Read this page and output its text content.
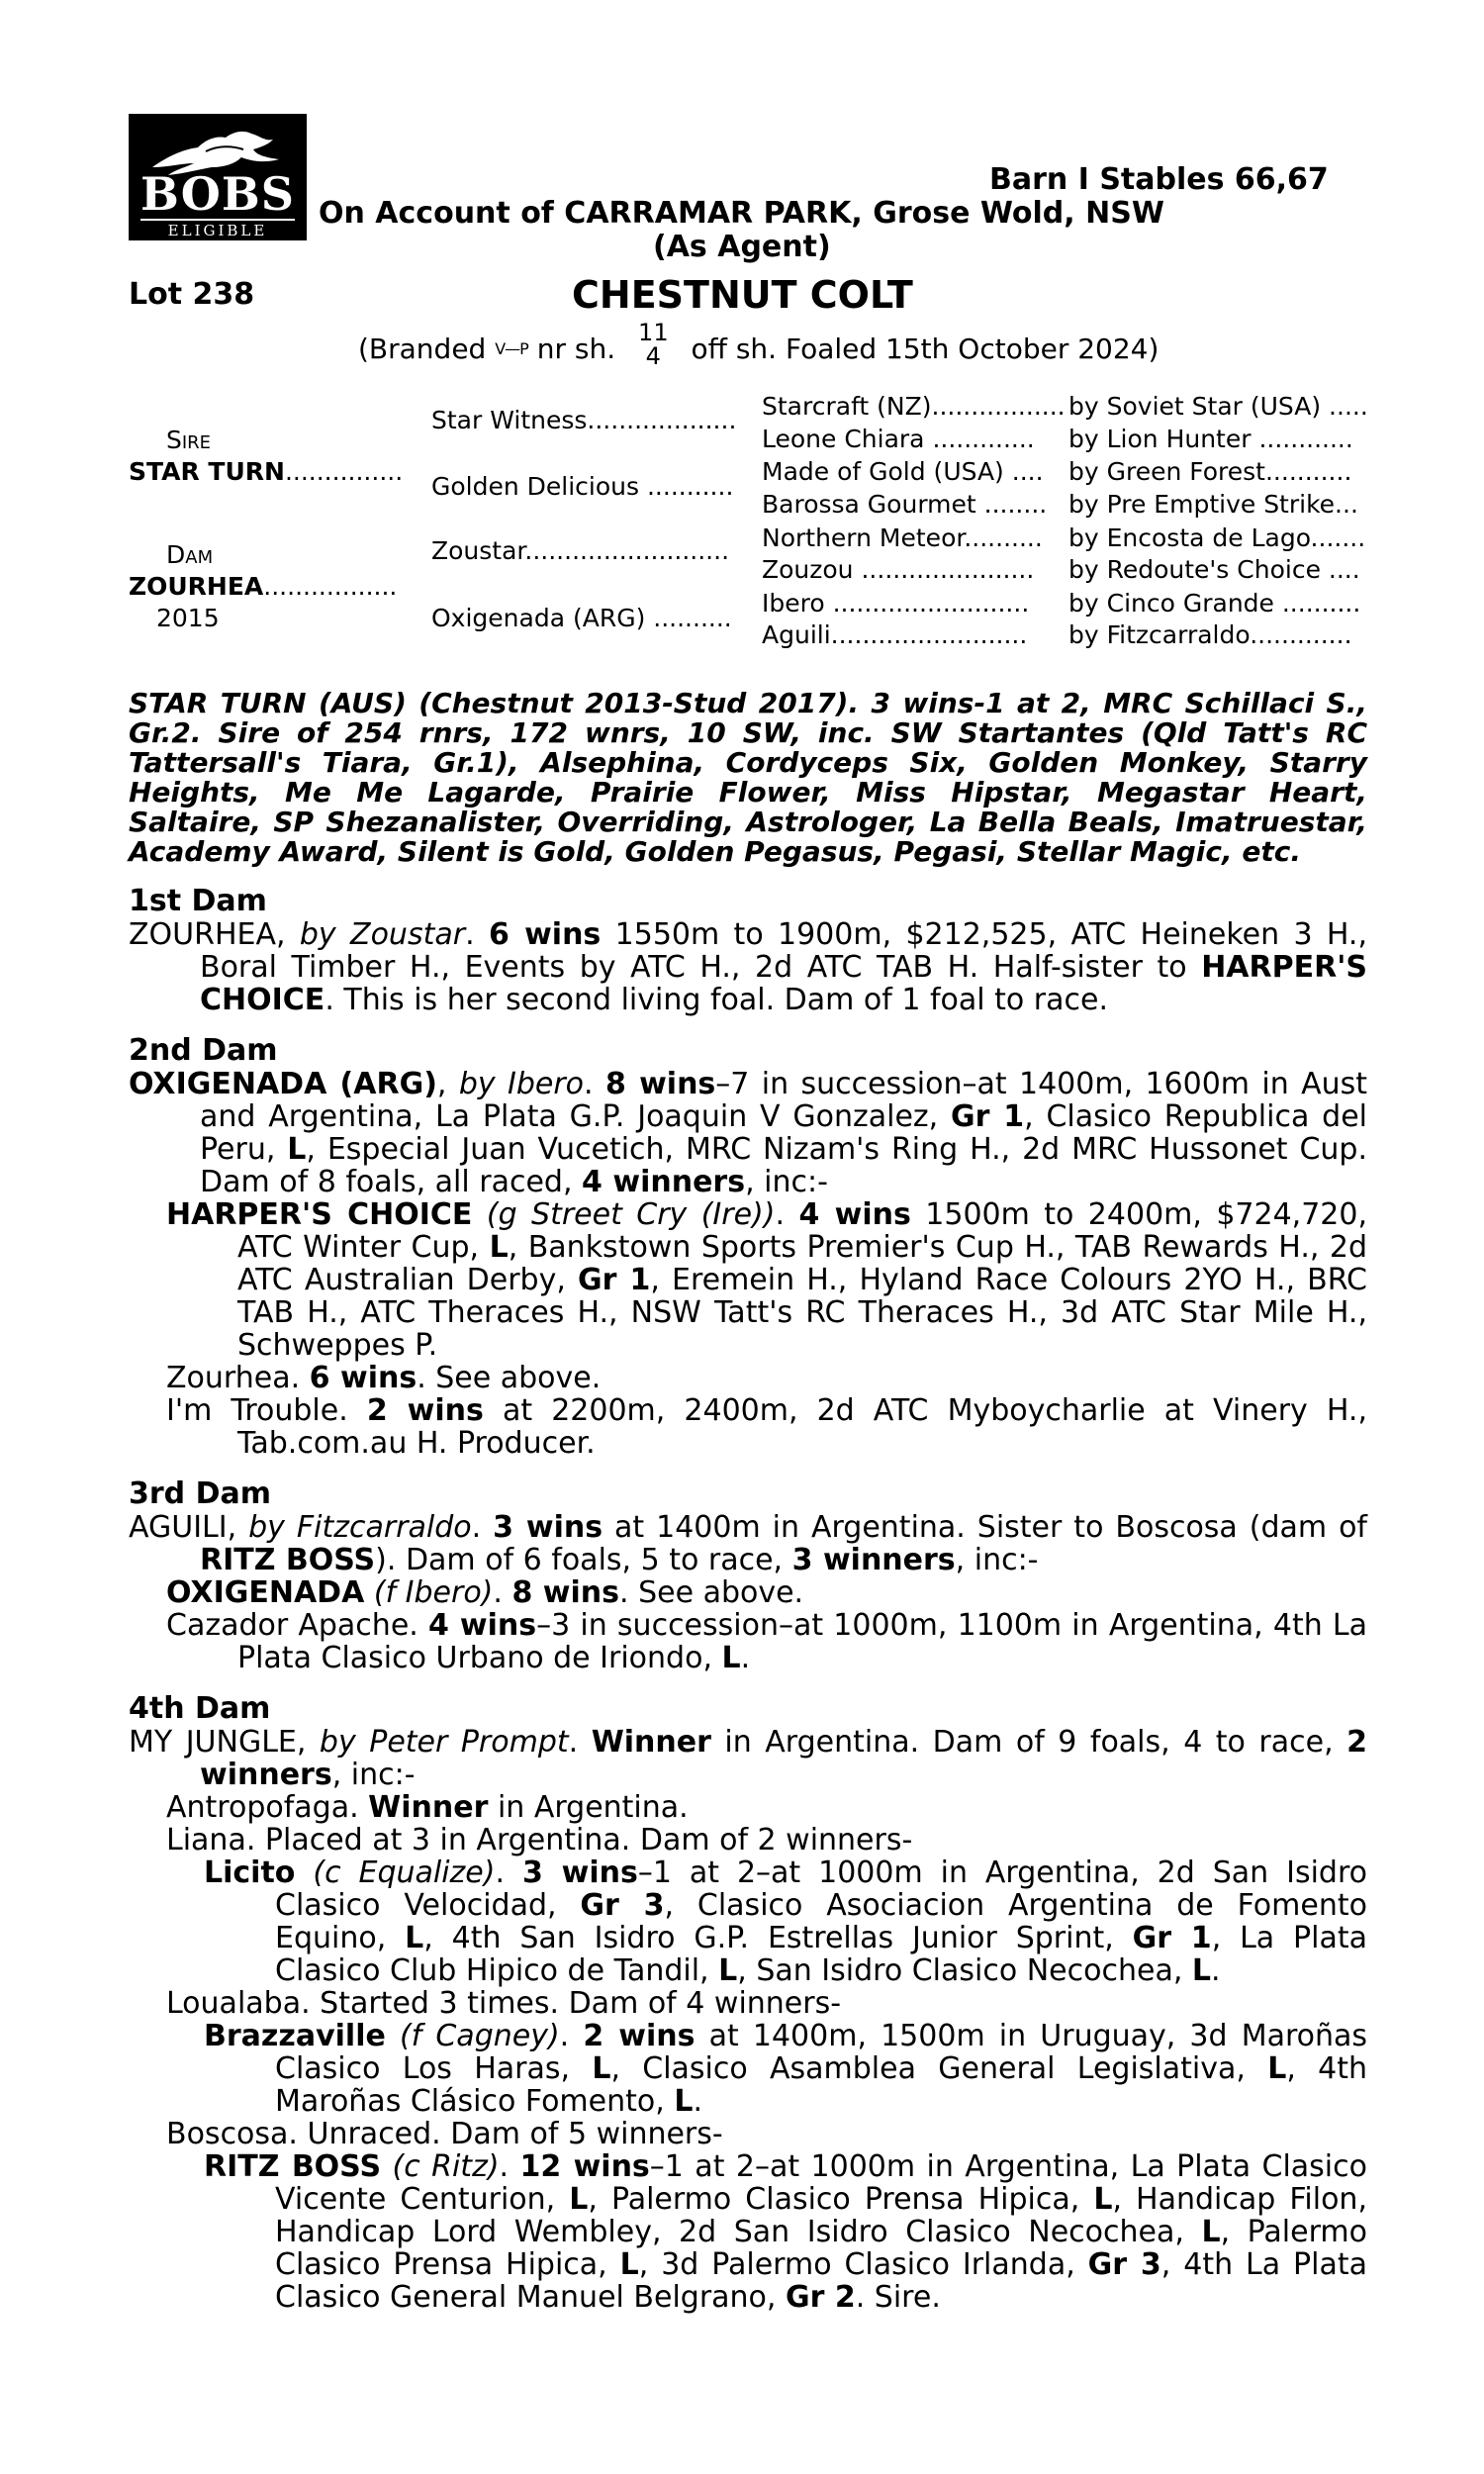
BOBS
ELIGIBLE
Barn I Stables 66,67
On Account of CARRAMAR PARK, Grose Wold, NSW
(As Agent)
Lot 238	CHESTNUT COLT
(Branded V—P nr sh. 11
4 off sh. Foaled 15th October 2024)
Sire
STAR TURN...............
Dam
ZOURHEA.................
2015
Star Witness...................
Golden Delicious ...........
Zoustar..........................
Oxigenada (ARG) ..........
Starcraft (NZ).................
Leone Chiara .............
Made of Gold (USA) ....
Barossa Gourmet ........
Northern Meteor..........
Zouzou ......................
Ibero .........................
Aguili.........................
by Soviet Star (USA) .....
by Lion Hunter ............
by Green Forest...........
by Pre Emptive Strike...
by Encosta de Lago.......
by Redoute's Choice ....
by Cinco Grande ..........
by Fitzcarraldo.............

STAR TURN (AUS) (Chestnut 2013-Stud 2017). 3 wins-1 at 2, MRC Schillaci S., Gr.2. Sire of 254 rnrs, 172 wnrs, 10 SW, inc. SW Startantes (Qld Tatt's RC Tattersall's Tiara, Gr.1), Alsephina, Cordyceps Six, Golden Monkey, Starry Heights, Me Me Lagarde, Prairie Flower, Miss Hipstar, Megastar Heart, Saltaire, SP Shezanalister, Overriding, Astrologer, La Bella Beals, Imatruestar, Academy Award, Silent is Gold, Golden Pegasus, Pegasi, Stellar Magic, etc.

1st Dam

ZOURHEA, by Zoustar. 6 wins 1550m to 1900m, $212,525, ATC Heineken 3 H., Boral Timber H., Events by ATC H., 2d ATC TAB H. Half-sister to HARPER'S CHOICE. This is her second living foal. Dam of 1 foal to race.

2nd Dam

OXIGENADA (ARG), by Ibero. 8 wins–7 in succession–at 1400m, 1600m in Aust and Argentina, La Plata G.P. Joaquin V Gonzalez, Gr 1, Clasico Republica del Peru, L, Especial Juan Vucetich, MRC Nizam's Ring H., 2d MRC Hussonet Cup. Dam of 8 foals, all raced, 4 winners, inc:-

HARPER'S CHOICE (g Street Cry (Ire)). 4 wins 1500m to 2400m, $724,720, ATC Winter Cup, L, Bankstown Sports Premier's Cup H., TAB Rewards H., 2d ATC Australian Derby, Gr 1, Eremein H., Hyland Race Colours 2YO H., BRC TAB H., ATC Theraces H., NSW Tatt's RC Theraces H., 3d ATC Star Mile H., Schweppes P.

Zourhea. 6 wins. See above.

I'm Trouble. 2 wins at 2200m, 2400m, 2d ATC Myboycharlie at Vinery H., Tab.com.au H. Producer.

3rd Dam

AGUILI, by Fitzcarraldo. 3 wins at 1400m in Argentina. Sister to Boscosa (dam of RITZ BOSS). Dam of 6 foals, 5 to race, 3 winners, inc:-

OXIGENADA (f Ibero). 8 wins. See above.

Cazador Apache. 4 wins–3 in succession–at 1000m, 1100m in Argentina, 4th La Plata Clasico Urbano de Iriondo, L.

4th Dam

MY JUNGLE, by Peter Prompt. Winner in Argentina. Dam of 9 foals, 4 to race, 2 winners, inc:-

Antropofaga. Winner in Argentina.

Liana. Placed at 3 in Argentina. Dam of 2 winners-

Licito (c Equalize). 3 wins–1 at 2–at 1000m in Argentina, 2d San Isidro Clasico Velocidad, Gr 3, Clasico Asociacion Argentina de Fomento Equino, L, 4th San Isidro G.P. Estrellas Junior Sprint, Gr 1, La Plata Clasico Club Hipico de Tandil, L, San Isidro Clasico Necochea, L.

Loualaba. Started 3 times. Dam of 4 winners-

Brazzaville (f Cagney). 2 wins at 1400m, 1500m in Uruguay, 3d Maroñas Clasico Los Haras, L, Clasico Asamblea General Legislativa, L, 4th Maroñas Clásico Fomento, L.

Boscosa. Unraced. Dam of 5 winners-

RITZ BOSS (c Ritz). 12 wins–1 at 2–at 1000m in Argentina, La Plata Clasico Vicente Centurion, L, Palermo Clasico Prensa Hipica, L, Handicap Filon, Handicap Lord Wembley, 2d San Isidro Clasico Necochea, L, Palermo Clasico Prensa Hipica, L, 3d Palermo Clasico Irlanda, Gr 3, 4th La Plata Clasico General Manuel Belgrano, Gr 2. Sire.
